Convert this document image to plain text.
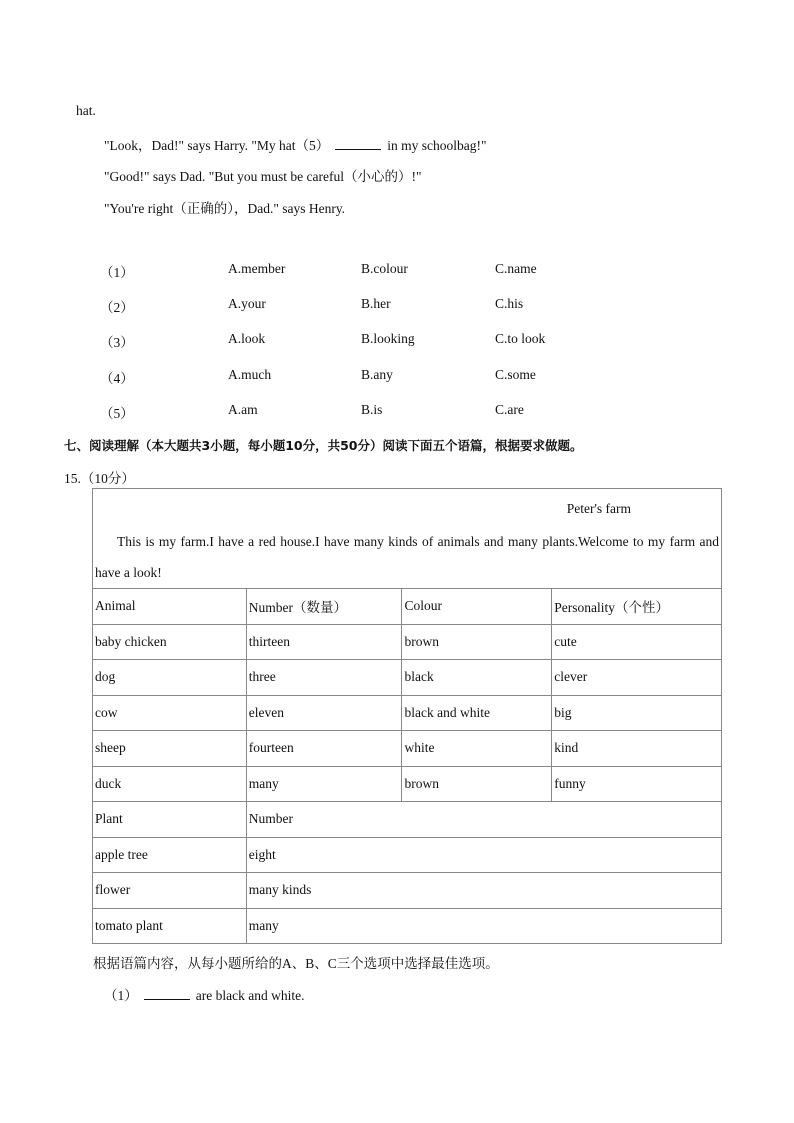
hat.
"Look，Dad!" says Harry. "My hat（5）	in my schoolbag!"
"Good!" says Dad. "But you must be careful（小心的）!"
"You're right（正确的），Dad." says Henry.
（1）	A.member	B.colour	C.name
（2）	A.your	B.her	C.his
（3）	A.look	B.looking	C.to look
（4）	A.much	B.any	C.some
（5）	A.am	B.is	C.are
七、阅读理解（本大题共3小题，每小题10分，共50分）阅读下面五个语篇，根据要求做题。
15.（10分）
Peter's farm
This is my farm.I have a red house.I have many kinds of animals and many plants.Welcome to my farm and have a look!			

Animal	Number（数量）	Colour	Personality（个性）
baby chicken	thirteen	brown	cute
dog	three	black	clever
cow	eleven	black and white	big
sheep	fourteen	white	kind
duck	many	brown	funny
Plant	Number		
apple tree	eight		
flower	many kinds		
tomato plant	many		
根据语篇内容，从每小题所给的A、B、C三个选项中选择最佳选项。
（1）	are black and white.
